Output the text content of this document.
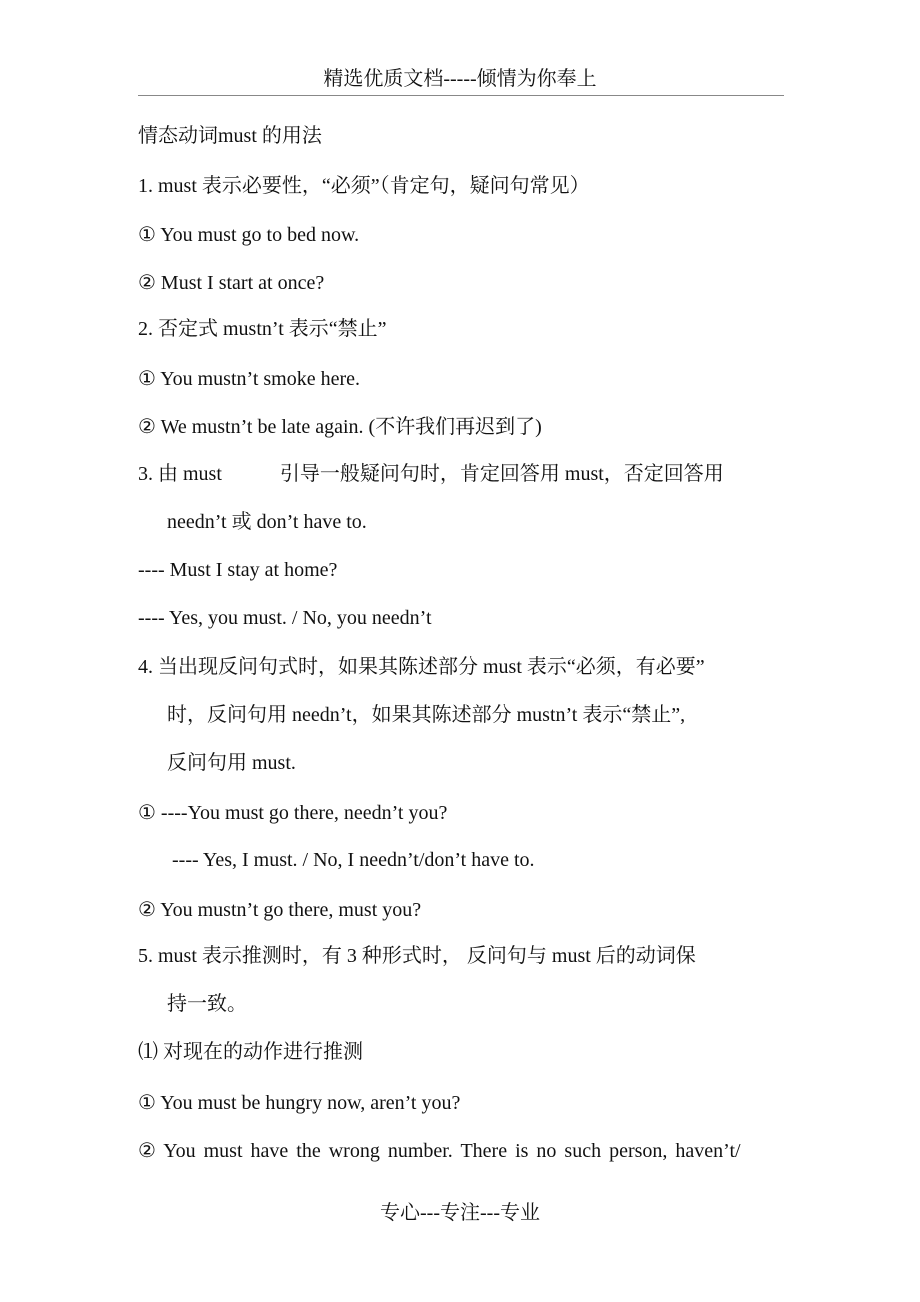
精选优质文档-----倾情为你奉上
情态动词must 的用法
1. must 表示必要性，“必须”（肯定句，疑问句常见）
① You must go to bed now.
② Must I start at once?
2. 否定式 mustn’t 表示“禁止”
① You mustn’t smoke here.
② We mustn’t be late again. (不许我们再迟到了)
3. 由 must	引导一般疑问句时，肯定回答用 must，否定回答用
needn’t 或 don’t have to.
---- Must I stay at home?
---- Yes, you must. / No, you needn’t
4. 当出现反问句式时，如果其陈述部分 must 表示“必须，有必要”
时，反问句用 needn’t，如果其陈述部分 mustn’t 表示“禁止”,
反问句用 must.
① ----You must go there, needn’t you?
---- Yes, I must. / No, I needn’t/don’t have to.
② You mustn’t go there, must you?
5. must 表示推测时，有 3 种形式时， 反问句与 must 后的动词保
持一致。
⑴ 对现在的动作进行推测
① You must be hungry now, aren’t you?
② You must have the wrong number. There is no such person, haven’t/
专心---专注---专业
